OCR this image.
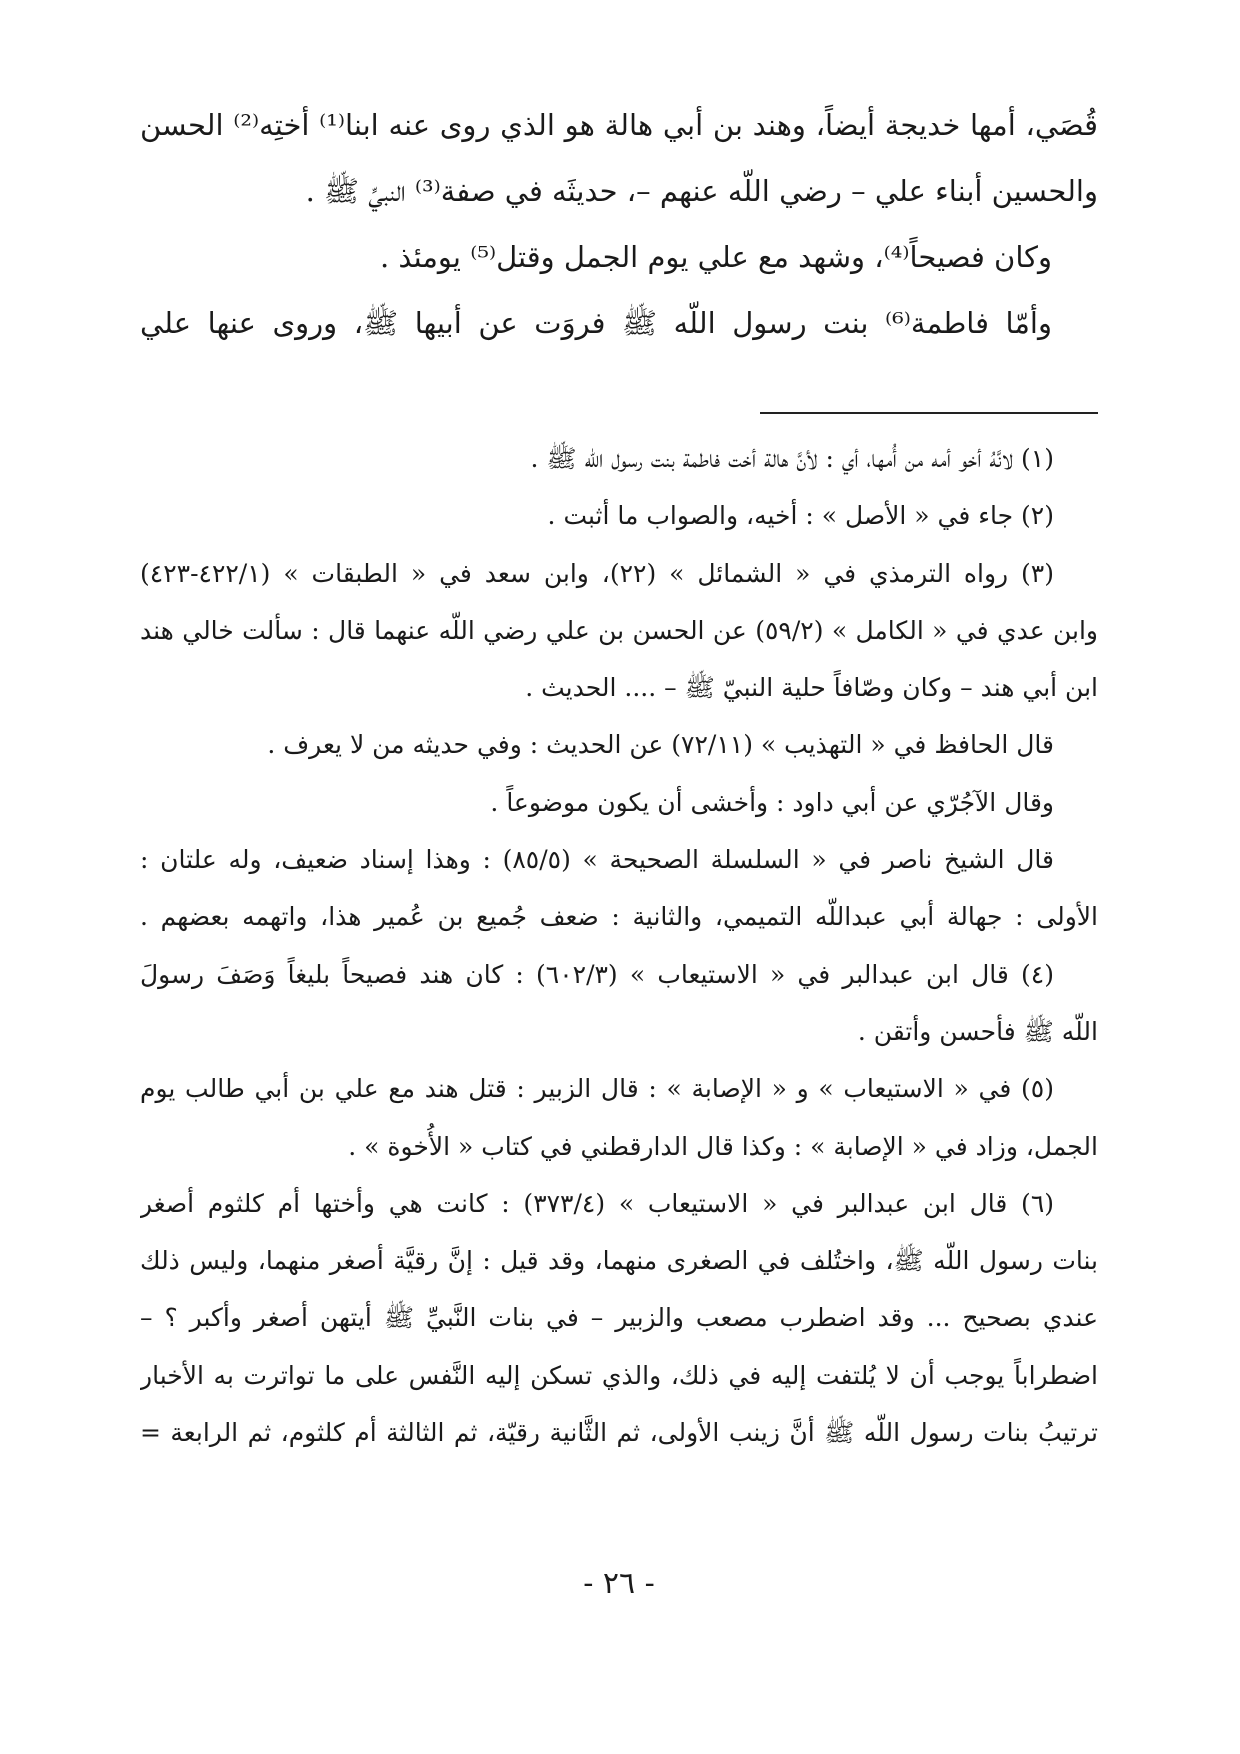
قُصَي، أمها خديجة أيضاً، وهند بن أبي هالة هو الذي روى عنه ابنا⁽¹⁾ أختِه⁽²⁾ الحسن
والحسين أبناء علي – رضي اللّه عنهم –، حديثَه في صفة⁽³⁾ النبيِّ ﷺ .
وكان فصيحاً⁽⁴⁾، وشهد مع علي يوم الجمل وقتل⁽⁵⁾ يومئذ .
وأمّا فاطمة⁽⁶⁾ بنت رسول اللّه ﷺ فروَت عن أبيها ﷺ، وروى عنها علي
(١) لانَّهُ أخو أمه من أُمها، أي : لأنَّ هالة أخت فاطمة بنت رسول اللّه ﷺ .
(٢) جاء في « الأصل » : أخيه، والصواب ما أثبت .
(٣) رواه الترمذي في « الشمائل » (٢٢)، وابن سعد في « الطبقات » (٤٢٢/١-٤٢٣)
وابن عدي في « الكامل » (٥٩/٢) عن الحسن بن علي رضي اللّه عنهما قال : سألت خالي هند
ابن أبي هند – وكان وصّافاً حلية النبيّ ﷺ – .... الحديث .
قال الحافظ في « التهذيب » (٧٢/١١) عن الحديث : وفي حديثه من لا يعرف .
وقال الآجُرّي عن أبي داود : وأخشى أن يكون موضوعاً .
قال الشيخ ناصر في « السلسلة الصحيحة » (٨٥/٥) : وهذا إسناد ضعيف، وله علتان :
الأولى : جهالة أبي عبداللّه التميمي، والثانية : ضعف جُميع بن عُمير هذا، واتهمه بعضهم .
(٤) قال ابن عبدالبر في « الاستيعاب » (٦٠٢/٣) : كان هند فصيحاً بليغاً وَصَفَ رسولَ
اللّه ﷺ فأحسن وأتقن .
(٥) في « الاستيعاب » و « الإصابة » : قال الزبير : قتل هند مع علي بن أبي طالب يوم
الجمل، وزاد في « الإصابة » : وكذا قال الدارقطني في كتاب « الأُخوة » .
(٦) قال ابن عبدالبر في « الاستيعاب » (٣٧٣/٤) : كانت هي وأختها أم كلثوم أصغر
بنات رسول اللّه ﷺ، واختُلف في الصغرى منهما، وقد قيل : إنَّ رقيَّة أصغر منهما، وليس ذلك
عندي بصحيح ... وقد اضطرب مصعب والزبير – في بنات النَّبيِّ ﷺ أيتهن أصغر وأكبر ؟ –
اضطراباً يوجب أن لا يُلتفت إليه في ذلك، والذي تسكن إليه النَّفس على ما تواترت به الأخبار
ترتيبُ بنات رسول اللّه ﷺ أنَّ زينب الأولى، ثم الثَّانية رقيّة، ثم الثالثة أم كلثوم، ثم الرابعة =
- ٢٦ -
